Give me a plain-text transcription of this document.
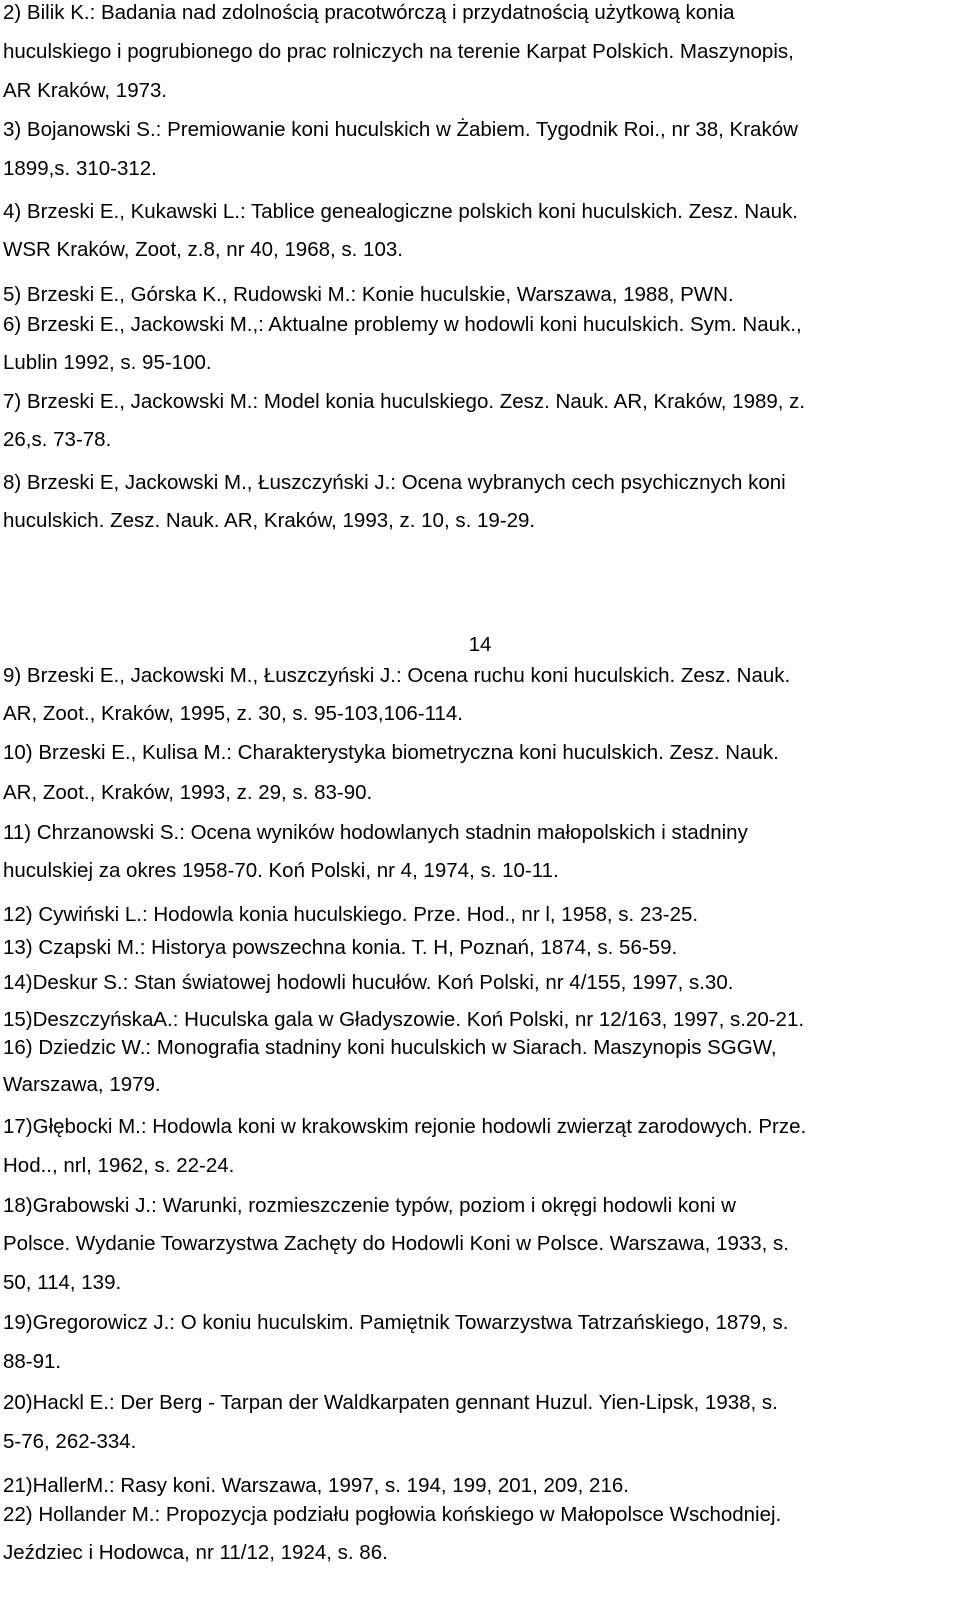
2) Bilik K.: Badania nad zdolnością pracotwórczą i przydatnością użytkową konia
huculskiego i pogrubionego do prac rolniczych na terenie Karpat Polskich. Maszynopis,
AR Kraków, 1973.
3) Bojanowski S.: Premiowanie koni huculskich w Żabiem. Tygodnik Roi., nr 38, Kraków
1899,s. 310-312.
4) Brzeski E., Kukawski L.: Tablice genealogiczne polskich koni huculskich. Zesz. Nauk.
WSR Kraków, Zoot, z.8, nr 40, 1968, s. 103.
5) Brzeski E., Górska K., Rudowski M.: Konie huculskie, Warszawa, 1988, PWN.
6) Brzeski E., Jackowski M.,: Aktualne problemy w hodowli koni huculskich. Sym. Nauk.,
Lublin 1992, s. 95-100.
7) Brzeski E., Jackowski M.: Model konia huculskiego. Zesz. Nauk. AR, Kraków, 1989, z.
26,s. 73-78.
8) Brzeski E, Jackowski M., Łuszczyński J.: Ocena wybranych cech psychicznych koni
huculskich. Zesz. Nauk. AR, Kraków, 1993, z. 10, s. 19-29.
14
9) Brzeski E., Jackowski M., Łuszczyński J.: Ocena ruchu koni huculskich. Zesz. Nauk.
AR, Zoot., Kraków, 1995, z. 30, s. 95-103,106-114.
10) Brzeski E., Kulisa M.: Charakterystyka biometryczna koni huculskich. Zesz. Nauk.
AR, Zoot., Kraków, 1993, z. 29, s. 83-90.
11) Chrzanowski S.: Ocena wyników hodowlanych stadnin małopolskich i stadniny
huculskiej za okres 1958-70. Koń Polski, nr 4, 1974, s. 10-11.
12) Cywiński L.: Hodowla konia huculskiego. Prze. Hod., nr l, 1958, s. 23-25.
13) Czapski M.: Historya powszechna konia. T. H, Poznań, 1874, s. 56-59.
14)Deskur S.: Stan światowej hodowli hucułów. Koń Polski, nr 4/155, 1997, s.30.
15)DeszczyńskaA.: Huculska gala w Gładyszowie. Koń Polski, nr 12/163, 1997, s.20-21.
16) Dziedzic W.: Monografia stadniny koni huculskich w Siarach. Maszynopis SGGW,
Warszawa, 1979.
17)Głębocki M.: Hodowla koni w krakowskim rejonie hodowli zwierząt zarodowych. Prze.
Hod.., nrl, 1962, s. 22-24.
18)Grabowski J.: Warunki, rozmieszczenie typów, poziom i okręgi hodowli koni w
Polsce. Wydanie Towarzystwa Zachęty do Hodowli Koni w Polsce. Warszawa, 1933, s.
50, 114, 139.
19)Gregorowicz J.: O koniu huculskim. Pamiętnik Towarzystwa Tatrzańskiego, 1879, s.
88-91.
20)Hackl E.: Der Berg - Tarpan der Waldkarpaten gennant Huzul. Yien-Lipsk, 1938, s.
5-76, 262-334.
21)HallerM.: Rasy koni. Warszawa, 1997, s. 194, 199, 201, 209, 216.
22) Hollander M.: Propozycja podziału pogłowia końskiego w Małopolsce Wschodniej.
Jeździec i Hodowca, nr 11/12, 1924, s. 86.
